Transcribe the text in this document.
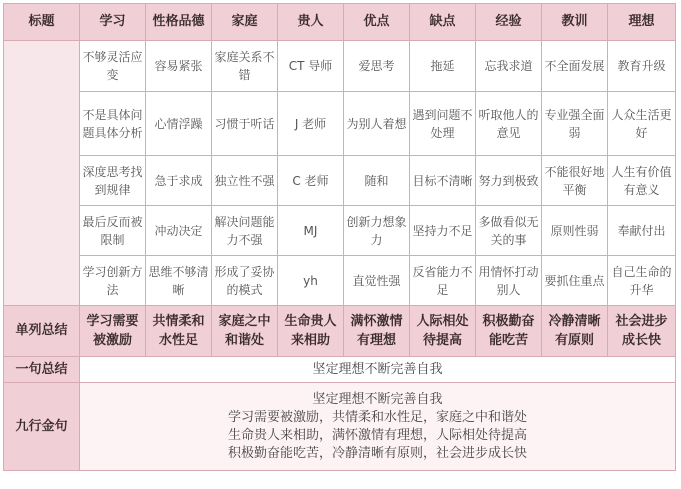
标题	学习	性格品德	家庭	贵人	优点	缺点	经验	教训	理想
	不够灵活应变	容易紧张	家庭关系不错	CT 导师	爱思考	拖延	忘我求道	不全面发展	教育升级
	不是具体问题具体分析	心情浮躁	习惯于听话	J 老师	为别人着想	遇到问题不处理	听取他人的意见	专业强全面弱	人众生活更好
	深度思考找到规律	急于求成	独立性不强	C 老师	随和	目标不清晰	努力到极致	不能很好地平衡	人生有价值有意义
	最后反而被限制	冲动决定	解决问题能力不强	MJ	创新力想象力	坚持力不足	多做看似无关的事	原则性弱	奉献付出
	学习创新方法	思维不够清晰	形成了妥协的模式	yh	直觉性强	反省能力不足	用情怀打动别人	要抓住重点	自己生命的升华
单列总结	学习需要被激励	共情柔和水性足	家庭之中和谐处	生命贵人来相助	满怀激情有理想	人际相处待提高	积极勤奋能吃苦	冷静清晰有原则	社会进步成长快
一句总结	坚定理想不断完善自我								
九行金句	坚定理想不断完善自我
学习需要被激励，共情柔和水性足，家庭之中和谐处
生命贵人来相助，满怀激情有理想，人际相处待提高
积极勤奋能吃苦，冷静清晰有原则，社会进步成长快								
